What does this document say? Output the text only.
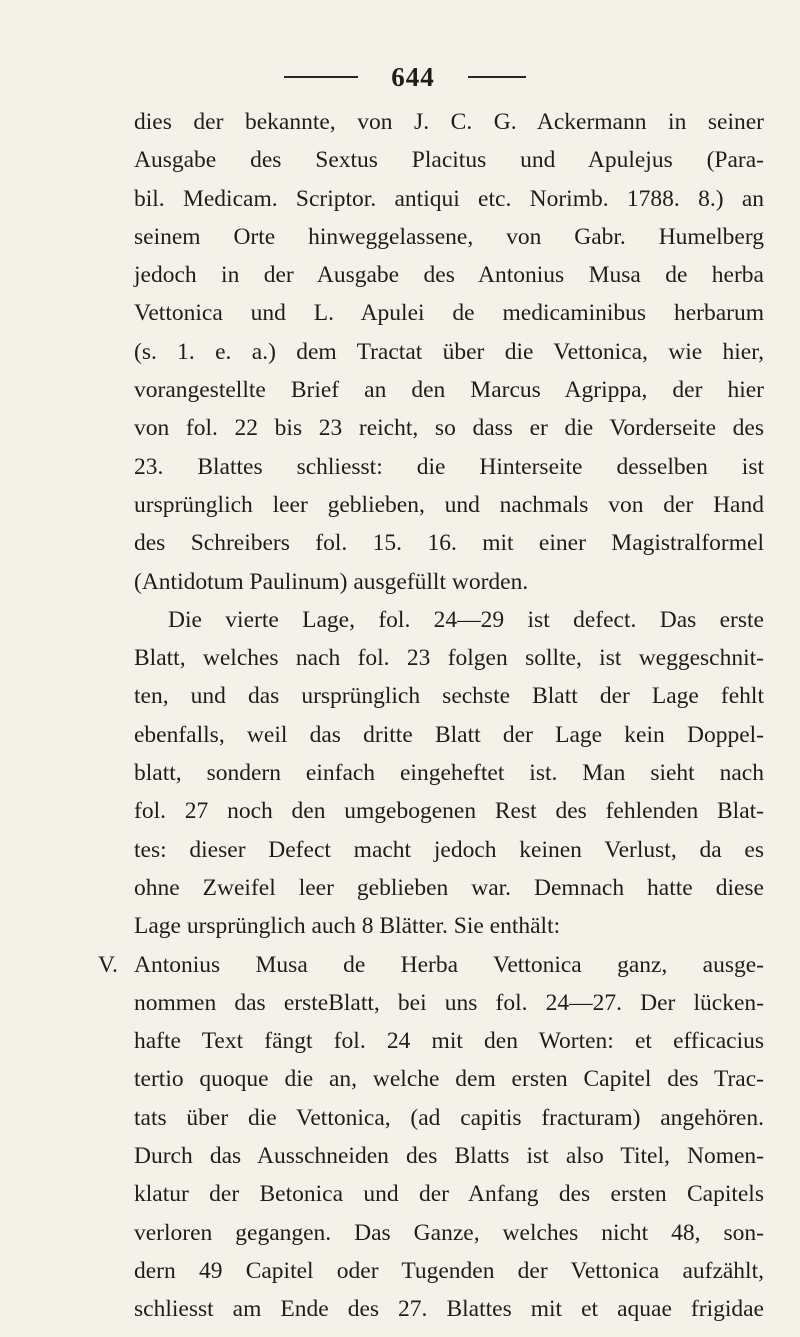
644
dies der bekannte, von J. C. G. Ackermann in seiner
Ausgabe des Sextus Placitus und Apulejus (Para-
bil. Medicam. Scriptor. antiqui etc. Norimb. 1788. 8.) an
seinem Orte hinweggelassene, von Gabr. Humelberg
jedoch in der Ausgabe des Antonius Musa de herba
Vettonica und L. Apulei de medicaminibus herbarum
(s. 1. e. a.) dem Tractat über die Vettonica, wie hier,
vorangestellte Brief an den Marcus Agrippa, der hier
von fol. 22 bis 23 reicht, so dass er die Vorderseite des
23. Blattes schliesst: die Hinterseite desselben ist
ursprünglich leer geblieben, und nachmals von der Hand
des Schreibers fol. 15. 16. mit einer Magistralformel
(Antidotum Paulinum) ausgefüllt worden.
Die vierte Lage, fol. 24—29 ist defect. Das erste
Blatt, welches nach fol. 23 folgen sollte, ist weggeschnit-
ten, und das ursprünglich sechste Blatt der Lage fehlt
ebenfalls, weil das dritte Blatt der Lage kein Doppel-
blatt, sondern einfach eingeheftet ist. Man sieht nach
fol. 27 noch den umgebogenen Rest des fehlenden Blat-
tes: dieser Defect macht jedoch keinen Verlust, da es
ohne Zweifel leer geblieben war. Demnach hatte diese
Lage ursprünglich auch 8 Blätter. Sie enthält:
V. Antonius Musa de Herba Vettonica ganz, ausge-
nommen das ersteBlatt, bei uns fol. 24—27. Der lücken-
hafte Text fängt fol. 24 mit den Worten: et efficacius
tertio quoque die an, welche dem ersten Capitel des Trac-
tats über die Vettonica, (ad capitis fracturam) angehören.
Durch das Ausschneiden des Blatts ist also Titel, Nomen-
klatur der Betonica und der Anfang des ersten Capitels
verloren gegangen. Das Ganze, welches nicht 48, son-
dern 49 Capitel oder Tugenden der Vettonica aufzählt,
schliesst am Ende des 27. Blattes mit et aquae frigidae
